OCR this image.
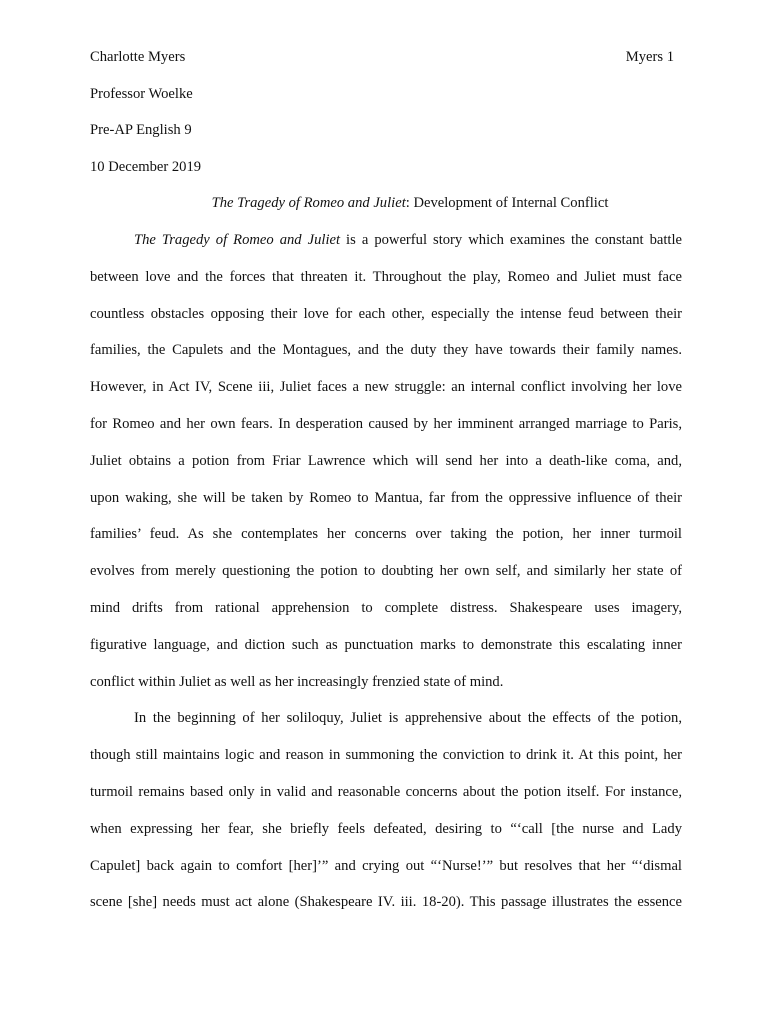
Charlotte Myers	Myers 1
Professor Woelke
Pre-AP English 9
10 December 2019
The Tragedy of Romeo and Juliet: Development of Internal Conflict
The Tragedy of Romeo and Juliet is a powerful story which examines the constant battle
between love and the forces that threaten it. Throughout the play, Romeo and Juliet must face
countless obstacles opposing their love for each other, especially the intense feud between their
families, the Capulets and the Montagues, and the duty they have towards their family names.
However, in Act IV, Scene iii, Juliet faces a new struggle: an internal conflict involving her love
for Romeo and her own fears. In desperation caused by her imminent arranged marriage to Paris,
Juliet obtains a potion from Friar Lawrence which will send her into a death-like coma, and,
upon waking, she will be taken by Romeo to Mantua, far from the oppressive influence of their
families’ feud. As she contemplates her concerns over taking the potion, her inner turmoil
evolves from merely questioning the potion to doubting her own self, and similarly her state of
mind drifts from rational apprehension to complete distress. Shakespeare uses imagery,
figurative language, and diction such as punctuation marks to demonstrate this escalating inner
conflict within Juliet as well as her increasingly frenzied state of mind.
In the beginning of her soliloquy, Juliet is apprehensive about the effects of the potion,
though still maintains logic and reason in summoning the conviction to drink it. At this point, her
turmoil remains based only in valid and reasonable concerns about the potion itself. For instance,
when expressing her fear, she briefly feels defeated, desiring to “‘call [the nurse and Lady
Capulet] back again to comfort [her]’” and crying out “‘Nurse!’” but resolves that her “‘dismal
scene [she] needs must act alone (Shakespeare IV. iii. 18-20). This passage illustrates the essence
